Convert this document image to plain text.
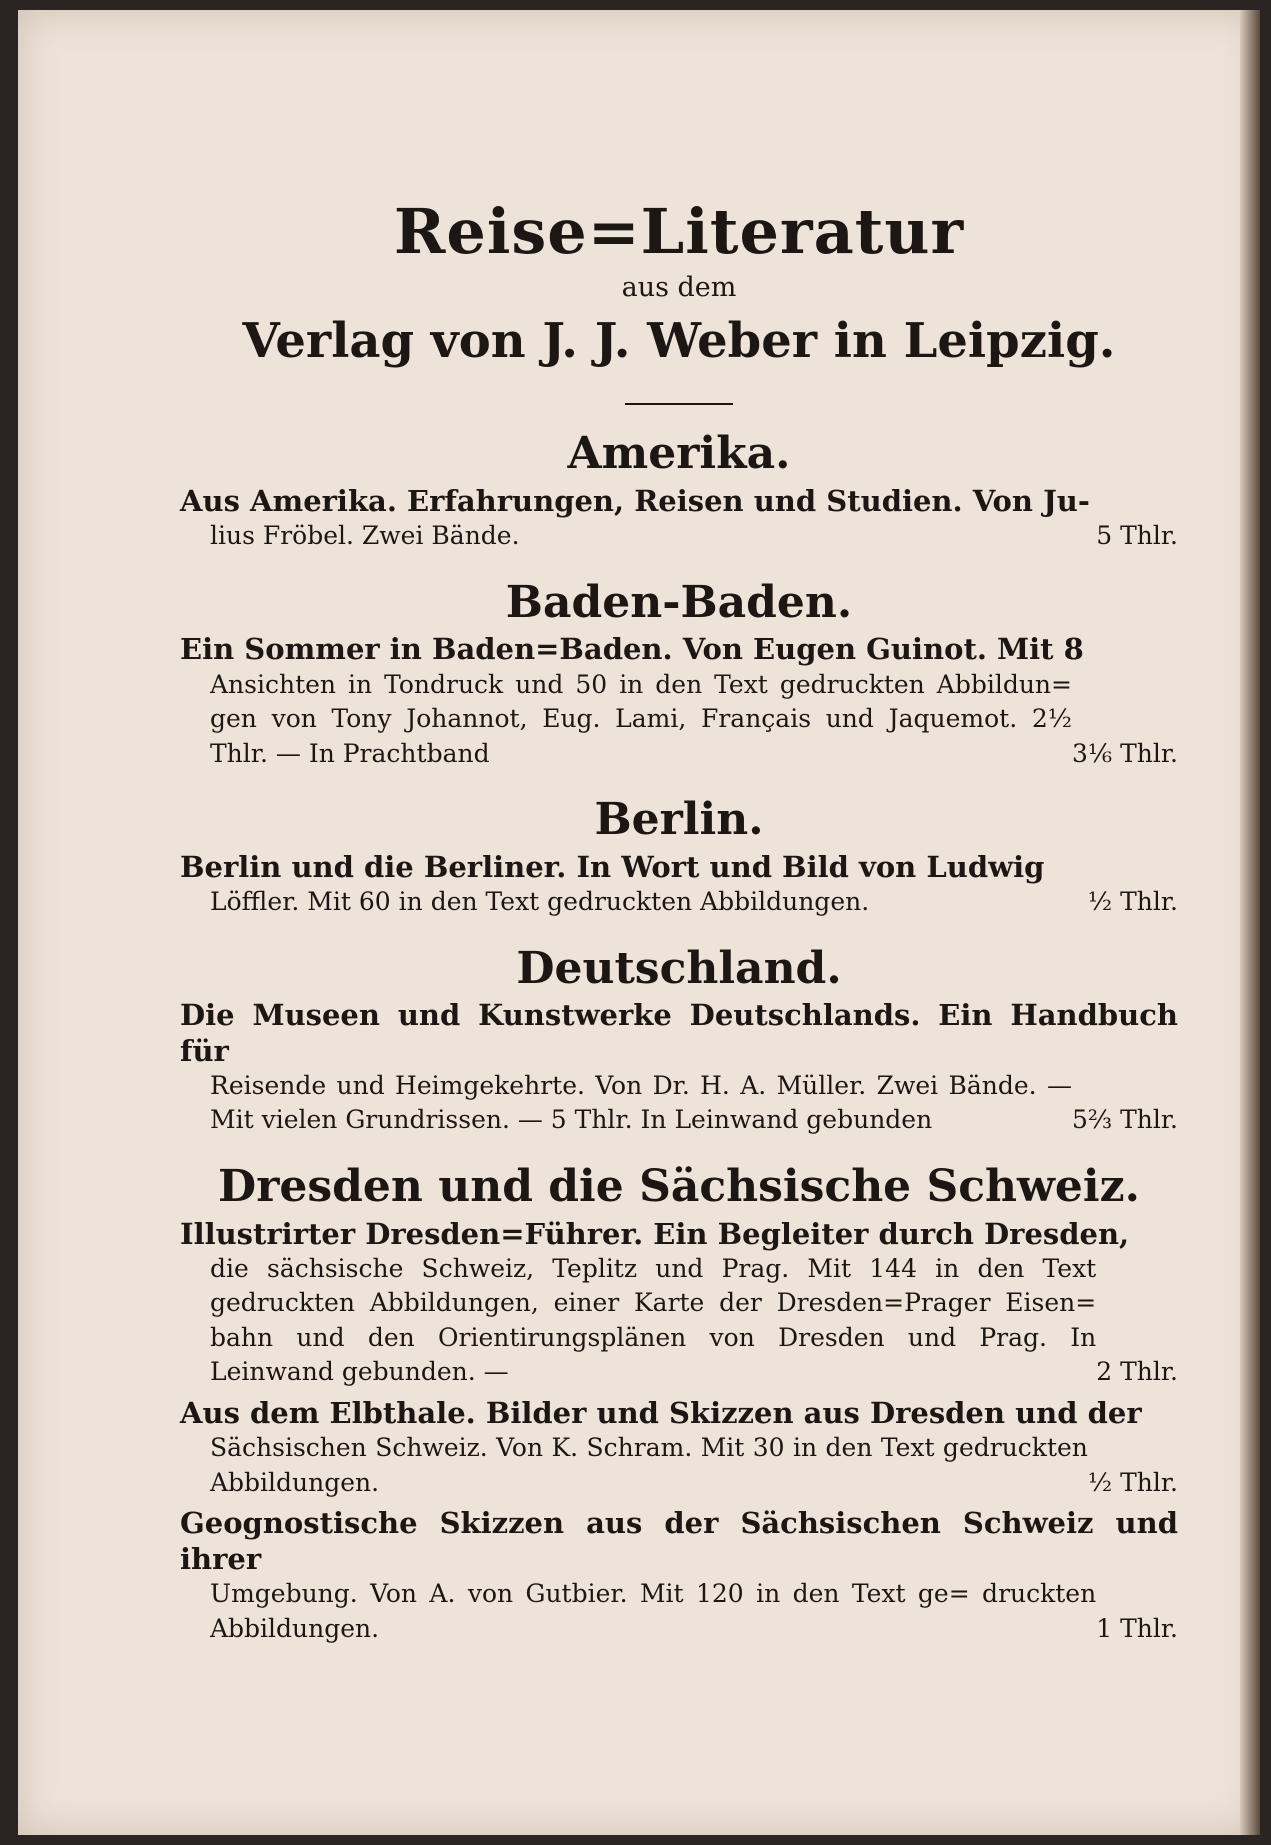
Reise=Literatur
aus dem
Verlag von J. J. Weber in Leipzig.
Amerika.
Aus Amerika. Erfahrungen, Reisen und Studien. Von Ju-
lius Fröbel. Zwei Bände.	5 Thlr.
Baden-Baden.
Ein Sommer in Baden=Baden. Von Eugen Guinot. Mit 8
Ansichten in Tondruck und 50 in den Text gedruckten Abbildun= gen von Tony Johannot, Eug. Lami, Français und Jaquemot. 2½ Thlr. — In Prachtband	3⅙ Thlr.
Berlin.
Berlin und die Berliner. In Wort und Bild von Ludwig
Löffler. Mit 60 in den Text gedruckten Abbildungen.	½ Thlr.
Deutschland.
Die Museen und Kunstwerke Deutschlands. Ein Handbuch für
Reisende und Heimgekehrte. Von Dr. H. A. Müller. Zwei Bände. — Mit vielen Grundrissen. — 5 Thlr. In Leinwand gebunden	5⅔ Thlr.
Dresden und die Sächsische Schweiz.
Illustrirter Dresden=Führer. Ein Begleiter durch Dresden,
die sächsische Schweiz, Teplitz und Prag. Mit 144 in den Text gedruckten Abbildungen, einer Karte der Dresden=Prager Eisen= bahn und den Orientirungsplänen von Dresden und Prag. In Leinwand gebunden. —	2 Thlr.
Aus dem Elbthale. Bilder und Skizzen aus Dresden und der
Sächsischen Schweiz. Von K. Schram. Mit 30 in den Text gedruckten Abbildungen.	½ Thlr.
Geognostische Skizzen aus der Sächsischen Schweiz und ihrer
Umgebung. Von A. von Gutbier. Mit 120 in den Text ge= druckten Abbildungen.	1 Thlr.
